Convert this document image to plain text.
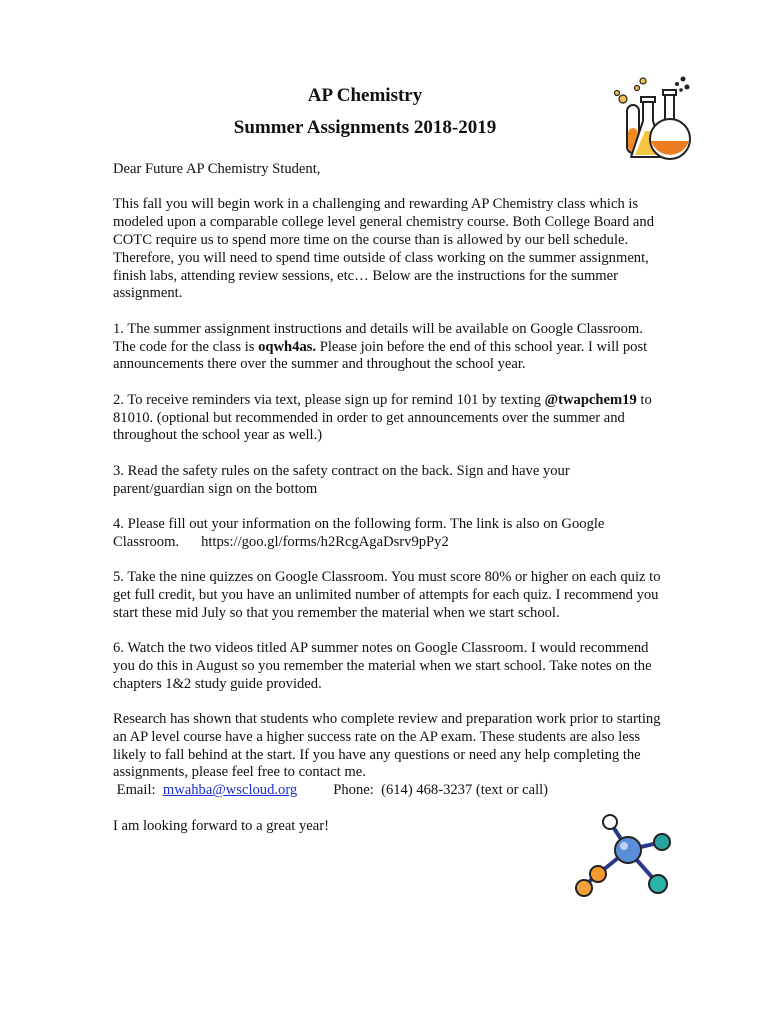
AP Chemistry
Summer Assignments 2018-2019

Dear Future AP Chemistry Student,

This fall you will begin work in a challenging and rewarding AP Chemistry class which is modeled upon a comparable college level general chemistry course. Both College Board and COTC require us to spend more time on the course than is allowed by our bell schedule. Therefore, you will need to spend time outside of class working on the summer assignment, finish labs, attending review sessions, etc… Below are the instructions for the summer assignment.

1. The summer assignment instructions and details will be available on Google Classroom. The code for the class is oqwh4as. Please join before the end of this school year. I will post announcements there over the summer and throughout the school year.

2. To receive reminders via text, please sign up for remind 101 by texting @twapchem19 to 81010. (optional but recommended in order to get announcements over the summer and throughout the school year as well.)

3. Read the safety rules on the safety contract on the back. Sign and have your parent/guardian sign on the bottom

4. Please fill out your information on the following form. The link is also on Google Classroom. https://goo.gl/forms/h2RcgAgaDsrv9pPy2

5. Take the nine quizzes on Google Classroom. You must score 80% or higher on each quiz to get full credit, but you have an unlimited number of attempts for each quiz. I recommend you start these mid July so that you remember the material when we start school.

6. Watch the two videos titled AP summer notes on Google Classroom. I would recommend you do this in August so you remember the material when we start school. Take notes on the chapters 1&2 study guide provided.

Research has shown that students who complete review and preparation work prior to starting an AP level course have a higher success rate on the AP exam. These students are also less likely to fall behind at the start. If you have any questions or need any help completing the assignments, please feel free to contact me.

Email: mwahba@wscloud.org Phone: (614) 468-3237 (text or call)

I am looking forward to a great year!
